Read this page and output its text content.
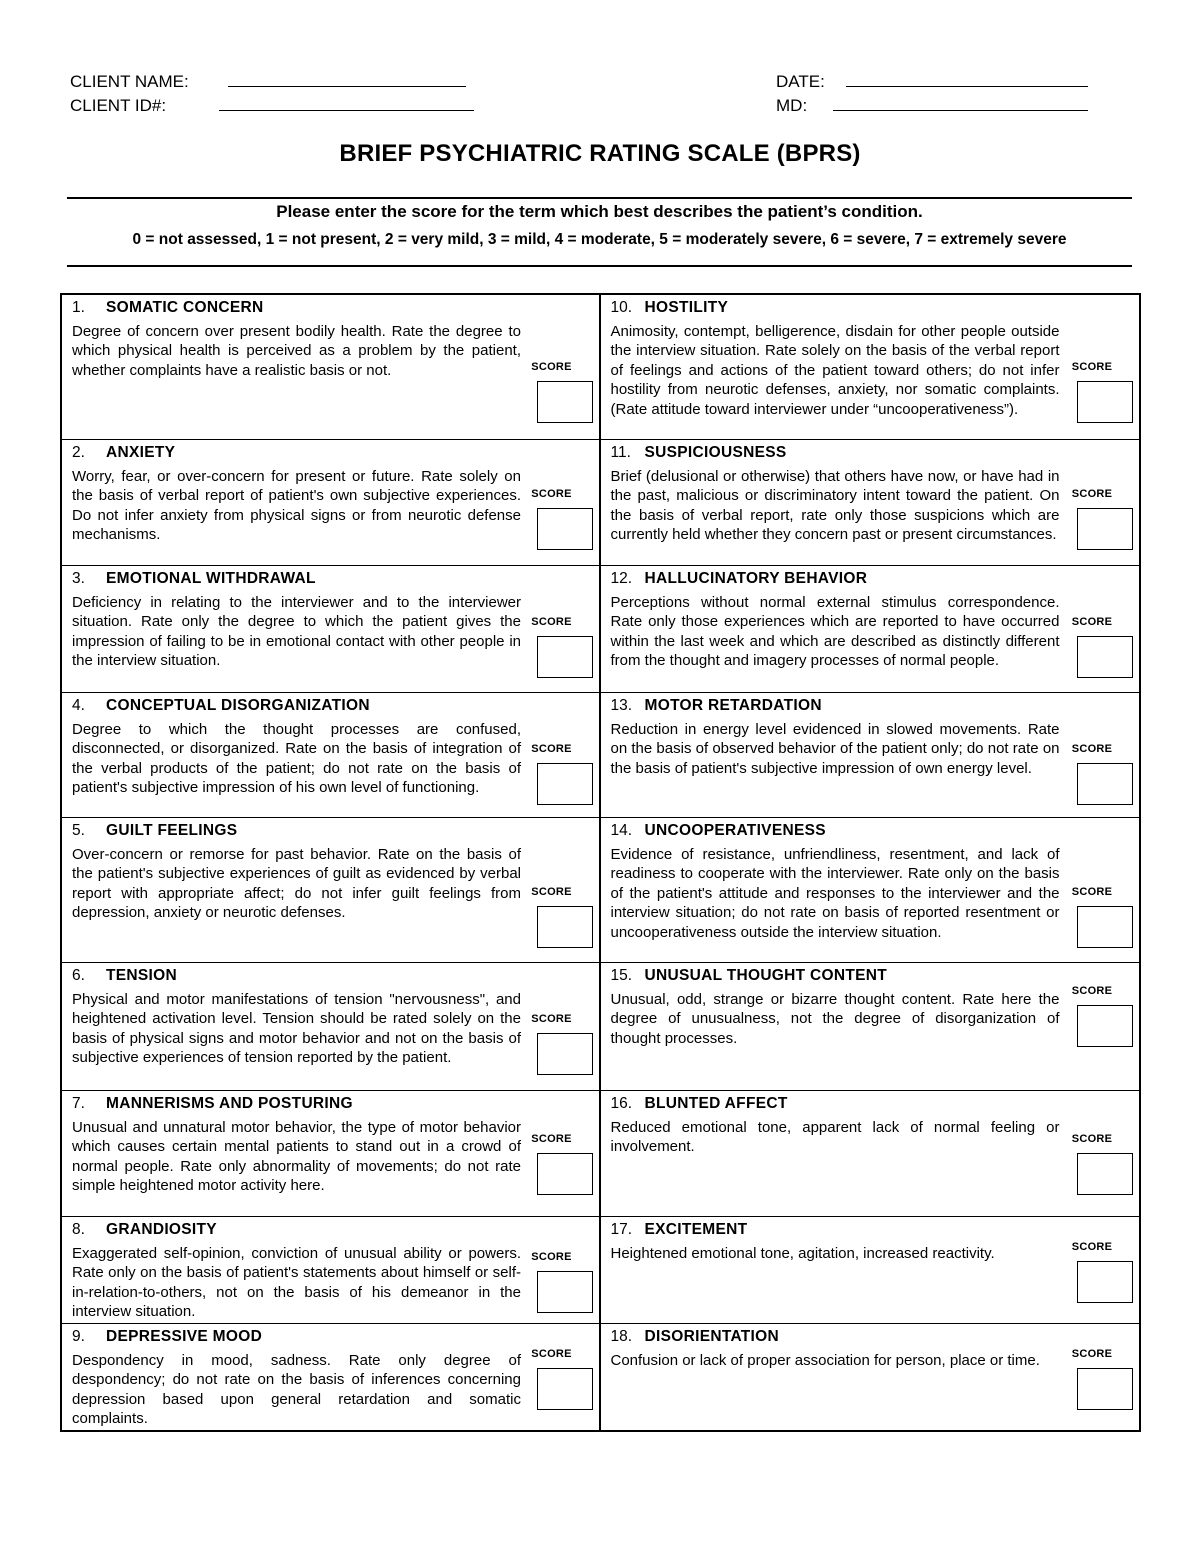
CLIENT NAME:
CLIENT ID#:
DATE:
MD:
BRIEF PSYCHIATRIC RATING SCALE (BPRS)
Please enter the score for the term which best describes the patient’s condition.
0 = not assessed, 1 = not present, 2 = very mild, 3 = mild, 4 = moderate, 5 = moderately severe, 6 = severe, 7 = extremely severe
1. SOMATIC CONCERN
Degree of concern over present bodily health. Rate the degree to which physical health is perceived as a problem by the patient, whether complaints have a realistic basis or not.	SCORE
10. HOSTILITY
Animosity, contempt, belligerence, disdain for other people outside the interview situation. Rate solely on the basis of the verbal report of feelings and actions of the patient toward others; do not infer hostility from neurotic defenses, anxiety, nor somatic complaints. (Rate attitude toward interviewer under “uncooperativeness”).
SCORE
2. ANXIETY
Worry, fear, or over-concern for present or future. Rate solely on the basis of verbal report of patient's own subjective experiences. Do not infer anxiety from physical signs or from neurotic defense mechanisms.
SCORE
11. SUSPICIOUSNESS
Brief (delusional or otherwise) that others have now, or have had in the past, malicious or discriminatory intent toward the patient. On the basis of verbal report, rate only those suspicions which are currently held whether they concern past or present circumstances.
SCORE
3. EMOTIONAL WITHDRAWAL
Deficiency in relating to the interviewer and to the interviewer situation. Rate only the degree to which the patient gives the impression of failing to be in emotional contact with other people in the interview situation.
SCORE
12. HALLUCINATORY BEHAVIOR
Perceptions without normal external stimulus correspondence. Rate only those experiences which are reported to have occurred within the last week and which are described as distinctly different from the thought and imagery processes of normal people.
SCORE
4. CONCEPTUAL DISORGANIZATION
Degree to which the thought processes are confused, disconnected, or disorganized. Rate on the basis of integration of the verbal products of the patient; do not rate on the basis of patient's subjective impression of his own level of functioning.
SCORE
13. MOTOR RETARDATION
Reduction in energy level evidenced in slowed movements. Rate on the basis of observed behavior of the patient only; do not rate on the basis of patient's subjective impression of own energy level.
SCORE
5. GUILT FEELINGS
Over-concern or remorse for past behavior. Rate on the basis of the patient's subjective experiences of guilt as evidenced by verbal report with appropriate affect; do not infer guilt feelings from depression, anxiety or neurotic defenses.
SCORE
14. UNCOOPERATIVENESS
Evidence of resistance, unfriendliness, resentment, and lack of readiness to cooperate with the interviewer. Rate only on the basis of the patient's attitude and responses to the interviewer and the interview situation; do not rate on basis of reported resentment or uncooperativeness outside the interview situation.
SCORE
6. TENSION
Physical and motor manifestations of tension "nervousness", and heightened activation level. Tension should be rated solely on the basis of physical signs and motor behavior and not on the basis of subjective experiences of tension reported by the patient.
SCORE
15. UNUSUAL THOUGHT CONTENT
Unusual, odd, strange or bizarre thought content. Rate here the degree of unusualness, not the degree of disorganization of thought processes.
SCORE
7. MANNERISMS AND POSTURING
Unusual and unnatural motor behavior, the type of motor behavior which causes certain mental patients to stand out in a crowd of normal people. Rate only abnormality of movements; do not rate simple heightened motor activity here.
SCORE
16. BLUNTED AFFECT
Reduced emotional tone, apparent lack of normal feeling or involvement.	SCORE
8. GRANDIOSITY
Exaggerated self-opinion, conviction of unusual ability or powers. Rate only on the basis of patient's statements about himself or self-in-relation-to-others, not on the basis of his demeanor in the interview situation.
SCORE
17. EXCITEMENT
Heightened emotional tone, agitation, increased reactivity.	SCORE
9. DEPRESSIVE MOOD
Despondency in mood, sadness. Rate only degree of despondency; do not rate on the basis of inferences concerning depression based upon general retardation and somatic complaints.
SCORE
18. DISORIENTATION
Confusion or lack of proper association for person, place or time.	SCORE
